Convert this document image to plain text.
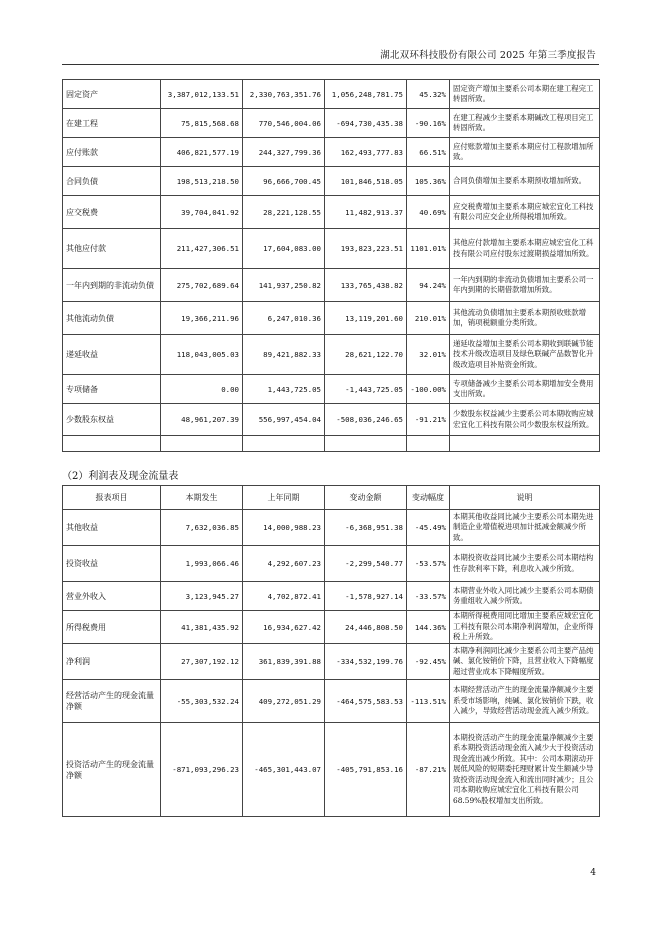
湖北双环科技股份有限公司 2025 年第三季度报告
固定资产	3,387,012,133.51	2,330,763,351.76	1,056,248,781.75	45.32%	固定资产增加主要系公司本期在建工程完工转固所致。
在建工程	75,815,568.68	770,546,004.06	-694,730,435.38	-90.16%	在建工程减少主要系本期碱改工程项目完工转固所致。
应付账款	406,821,577.19	244,327,799.36	162,493,777.83	66.51%	应付账款增加主要系本期应付工程款增加所致。
合同负债	198,513,218.50	96,666,700.45	101,846,518.05	105.36%	合同负债增加主要系本期预收增加所致。
应交税费	39,704,041.92	28,221,128.55	11,482,913.37	40.69%	应交税费增加主要系本期应城宏宜化工科技有限公司应交企业所得税增加所致。
其他应付款	211,427,306.51	17,604,083.00	193,823,223.51	1101.01%	其他应付款增加主要系本期应城宏宜化工科技有限公司应付股东过渡期损益增加所致。
一年内到期的非流动负债	275,702,689.64	141,937,250.82	133,765,438.82	94.24%	一年内到期的非流动负债增加主要系公司一年内到期的长期借款增加所致。
其他流动负债	19,366,211.96	6,247,010.36	13,119,201.60	210.01%	其他流动负债增加主要系本期预收账款增加，销项税额重分类所致。
递延收益	118,043,005.03	89,421,882.33	28,621,122.70	32.01%	递延收益增加主要系公司本期收到联碱节能技术升级改造项目及绿色联碱产品数智化升级改造项目补贴资金所致。
专项储备	0.00	1,443,725.05	-1,443,725.05	-100.00%	专项储备减少主要系公司本期增加安全费用支出所致。
少数股东权益	48,961,207.39	556,997,454.04	-508,036,246.65	-91.21%	少数股东权益减少主要系公司本期收购应城宏宜化工科技有限公司少数股东权益所致。

（2）利润表及现金流量表
报表项目	本期发生	上年同期	变动金额	变动幅度	说明
其他收益	7,632,036.85	14,000,988.23	-6,368,951.38	-45.49%	本期其他收益同比减少主要系公司本期先进制造企业增值税进项加计抵减金额减少所致。
投资收益	1,993,066.46	4,292,607.23	-2,299,540.77	-53.57%	本期投资收益同比减少主要系公司本期结构性存款利率下降，利息收入减少所致。
营业外收入	3,123,945.27	4,702,872.41	-1,578,927.14	-33.57%	本期营业外收入同比减少主要系公司本期债务重组收入减少所致。
所得税费用	41,381,435.92	16,934,627.42	24,446,808.50	144.36%	本期所得税费用同比增加主要系应城宏宜化工科技有限公司本期净利润增加，企业所得税上升所致。
净利润	27,307,192.12	361,839,391.88	-334,532,199.76	-92.45%	本期净利润同比减少主要系公司主要产品纯碱、氯化铵销价下降，且营业收入下降幅度超过营业成本下降幅度所致。
经营活动产生的现金流量净额	-55,303,532.24	409,272,051.29	-464,575,583.53	-113.51%	本期经营活动产生的现金流量净额减少主要系受市场影响，纯碱、氯化铵销价下跌，收入减少，导致经营活动现金流入减少所致。
投资活动产生的现金流量净额	-871,093,296.23	-465,301,443.07	-405,791,853.16	-87.21%	本期投资活动产生的现金流量净额减少主要系本期投资活动现金流入减少大于投资活动现金流出减少所致。其中：公司本期滚动开展低风险的短期委托理财累计发生额减少导致投资活动现金流入和流出同时减少；且公司本期收购应城宏宜化工科技有限公司68.59%股权增加支出所致。
4
